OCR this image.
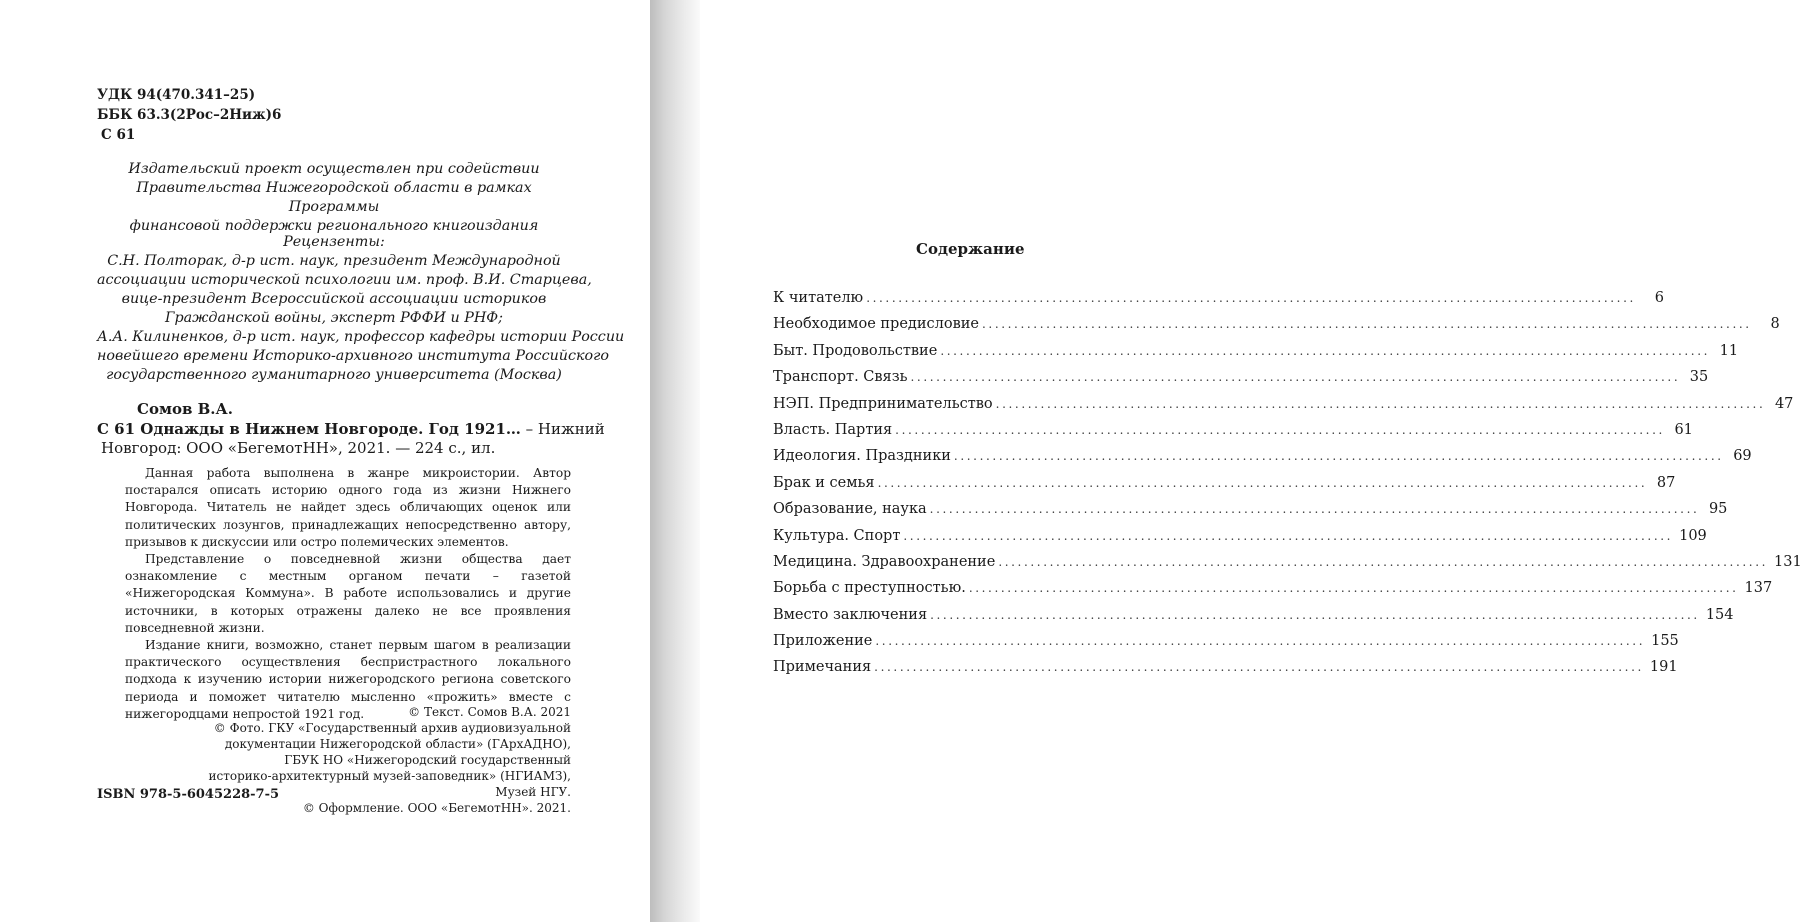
УДК 94(470.341–25)
ББК 63.3(2Рос–2Ниж)6
С 61
Издательский проект осуществлен при содействии
Правительства Нижегородской области в рамках Программы
финансовой поддержки регионального книгоиздания
Рецензенты:
С.Н. Полторак, д-р ист. наук, президент Международной
ассоциации исторической психологии им. проф. В.И. Старцева,
вице-президент Всероссийской ассоциации историков
Гражданской войны, эксперт РФФИ и РНФ;
А.А. Килиненков, д-р ист. наук, профессор кафедры истории России
новейшего времени Историко-архивного института Российского
государственного гуманитарного университета (Москва)
Сомов В.А.
С 61 Однажды в Нижнем Новгороде. Год 1921… – Нижний
Новгород: ООО «БегемотНН», 2021. — 224 с., ил.

Данная работа выполнена в жанре микроистории. Автор постарался описать историю одного года из жизни Нижнего Новгорода. Читатель не найдет здесь обличающих оценок или политических лозунгов, принадлежащих непосредственно автору, призывов к дискуссии или остро полемических элементов.

Представление о повседневной жизни общества дает ознакомление с местным органом печати – газетой «Нижегородская Коммуна». В работе использовались и другие источники, в которых отражены далеко не все проявления повседневной жизни.

Издание книги, возможно, станет первым шагом в реализации практического осуществления беспристрастного локального подхода к изучению истории нижегородского региона советского периода и поможет читателю мысленно «прожить» вместе с нижегородцами непростой 1921 год.	© Текст. Сомов В.А. 2021
© Фото. ГКУ «Государственный архив аудиовизуальной
документации Нижегородской области» (ГАрхАДНО),
ГБУК НО «Нижегородский государственный
историко-архитектурный музей-заповедник» (НГИАМЗ),
Музей НГУ.
© Оформление. ООО «БегемотНН». 2021.
ISBN 978-5-6045228-7-5
Содержание
К читателю ........................................................................................................................	6
Необходимое предисловие ........................................................................................................................	8
Быт. Продовольствие ........................................................................................................................ 11
Транспорт. Связь ........................................................................................................................ 35
НЭП. Предпринимательство ........................................................................................................................ 47
Власть. Партия ........................................................................................................................ 61
Идеология. Праздники ........................................................................................................................ 69
Брак и семья ........................................................................................................................ 87
Образование, наука ........................................................................................................................ 95
Культура. Спорт ........................................................................................................................ 109
Медицина. Здравоохранение ........................................................................................................................ 131
Борьба с преступностью. ........................................................................................................................ 137
Вместо заключения ........................................................................................................................ 154
Приложение ........................................................................................................................ 155
Примечания ........................................................................................................................ 191
